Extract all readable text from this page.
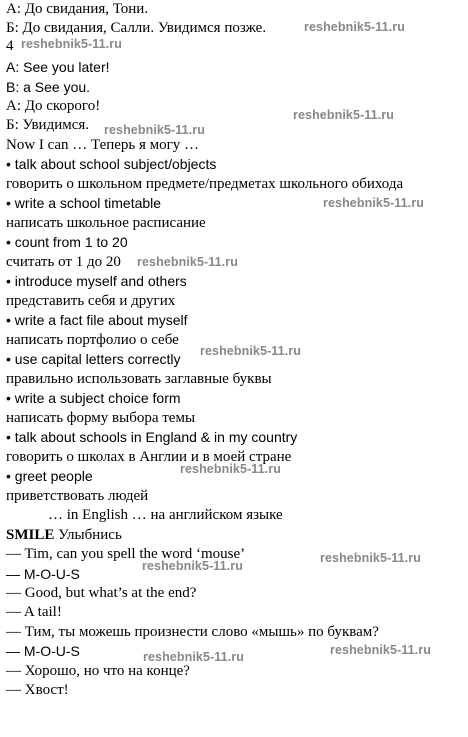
А: До свидания, Тони.
Б: До свидания, Салли. Увидимся позже.
4
A: See you later!
B: a See you.
А: До скорого!
Б: Увидимся.
Now I can … Теперь я могу …
• talk about school subject/objects
говорить о школьном предмете/предметах школьного обихода
• write a school timetable
написать школьное расписание
• count from 1 to 20
считать от 1 до 20
• introduce myself and others
представить себя и других
• write a fact file about myself
написать портфолио о себе
• use capital letters correctly
правильно использовать заглавные буквы
• write a subject choice form
написать форму выбора темы
• talk about schools in England & in my country
говорить о школах в Англии и в моей стране
• greet people
приветствовать людей
… in English … на английском языке
SMILE Улыбнись
— Tim, can you spell the word ‘mouse’
— M-O-U-S
— Good, but what’s at the end?
— A tail!
— Тим, ты можешь произнести слово «мышь» по буквам?
— M-O-U-S
— Хорошо, но что на конце?
— Хвост!
reshebnik5-11.ru
reshebnik5-11.ru
reshebnik5-11.ru
reshebnik5-11.ru
reshebnik5-11.ru
reshebnik5-11.ru
reshebnik5-11.ru
reshebnik5-11.ru
reshebnik5-11.ru
reshebnik5-11.ru
reshebnik5-11.ru	reshebnik5-11.ru
